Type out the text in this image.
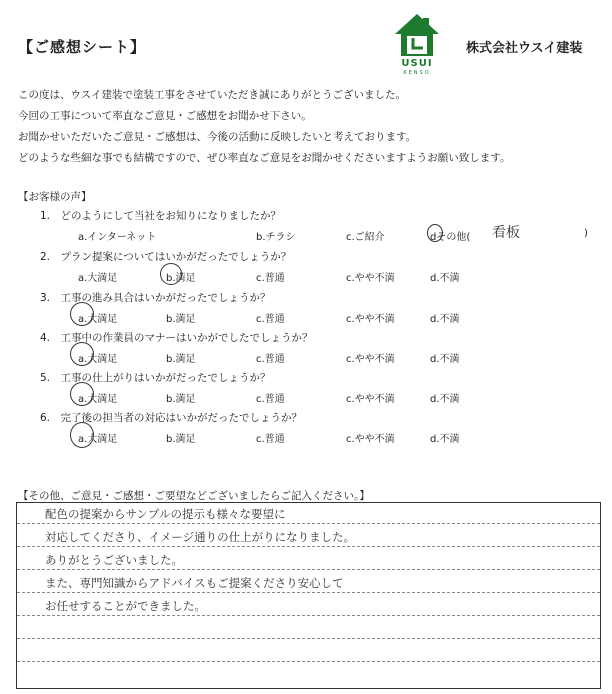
【ご感想シート】
USUI
KENSO
株式会社ウスイ建装
この度は、ウスイ建装で塗装工事をさせていただき誠にありがとうございました。
今回の工事について率直なご意見・ご感想をお聞かせ下さい。
お聞かせいただいたご意見・ご感想は、今後の活動に反映したいと考えております。
どのような些細な事でも結構ですので、ぜひ率直なご意見をお聞かせくださいますようお願い致します。
【お客様の声】
1.　どのようにして当社をお知りになりましたか？
a.インターネット	b.チラシ	c.ご紹介	dその他( 看板	)
2.　プラン提案についてはいかがだったでしょうか？
a.大満足	b.満足	c.普通	c.やや不満	d.不満
3.　工事の進み具合はいかがだったでしょうか？
a.大満足	b.満足	c.普通	c.やや不満	d.不満
4.　工事中の作業員のマナーはいかがでしたでしょうか？
a.大満足	b.満足	c.普通	c.やや不満	d.不満
5.　工事の仕上がりはいかがだったでしょうか？
a.大満足	b.満足	c.普通	c.やや不満	d.不満
6.　完了後の担当者の対応はいかがだったでしょうか？
a.大満足	b.満足	c.普通	c.やや不満	d.不満
【その他、ご意見・ご感想・ご要望などございましたらご記入ください。】
配色の提案からサンプルの提示も様々な要望に
対応してくださり、イメージ通りの仕上がりになりました。
ありがとうございました。
また、専門知識からアドバイスもご提案くださり安心して
お任せすることができました。
